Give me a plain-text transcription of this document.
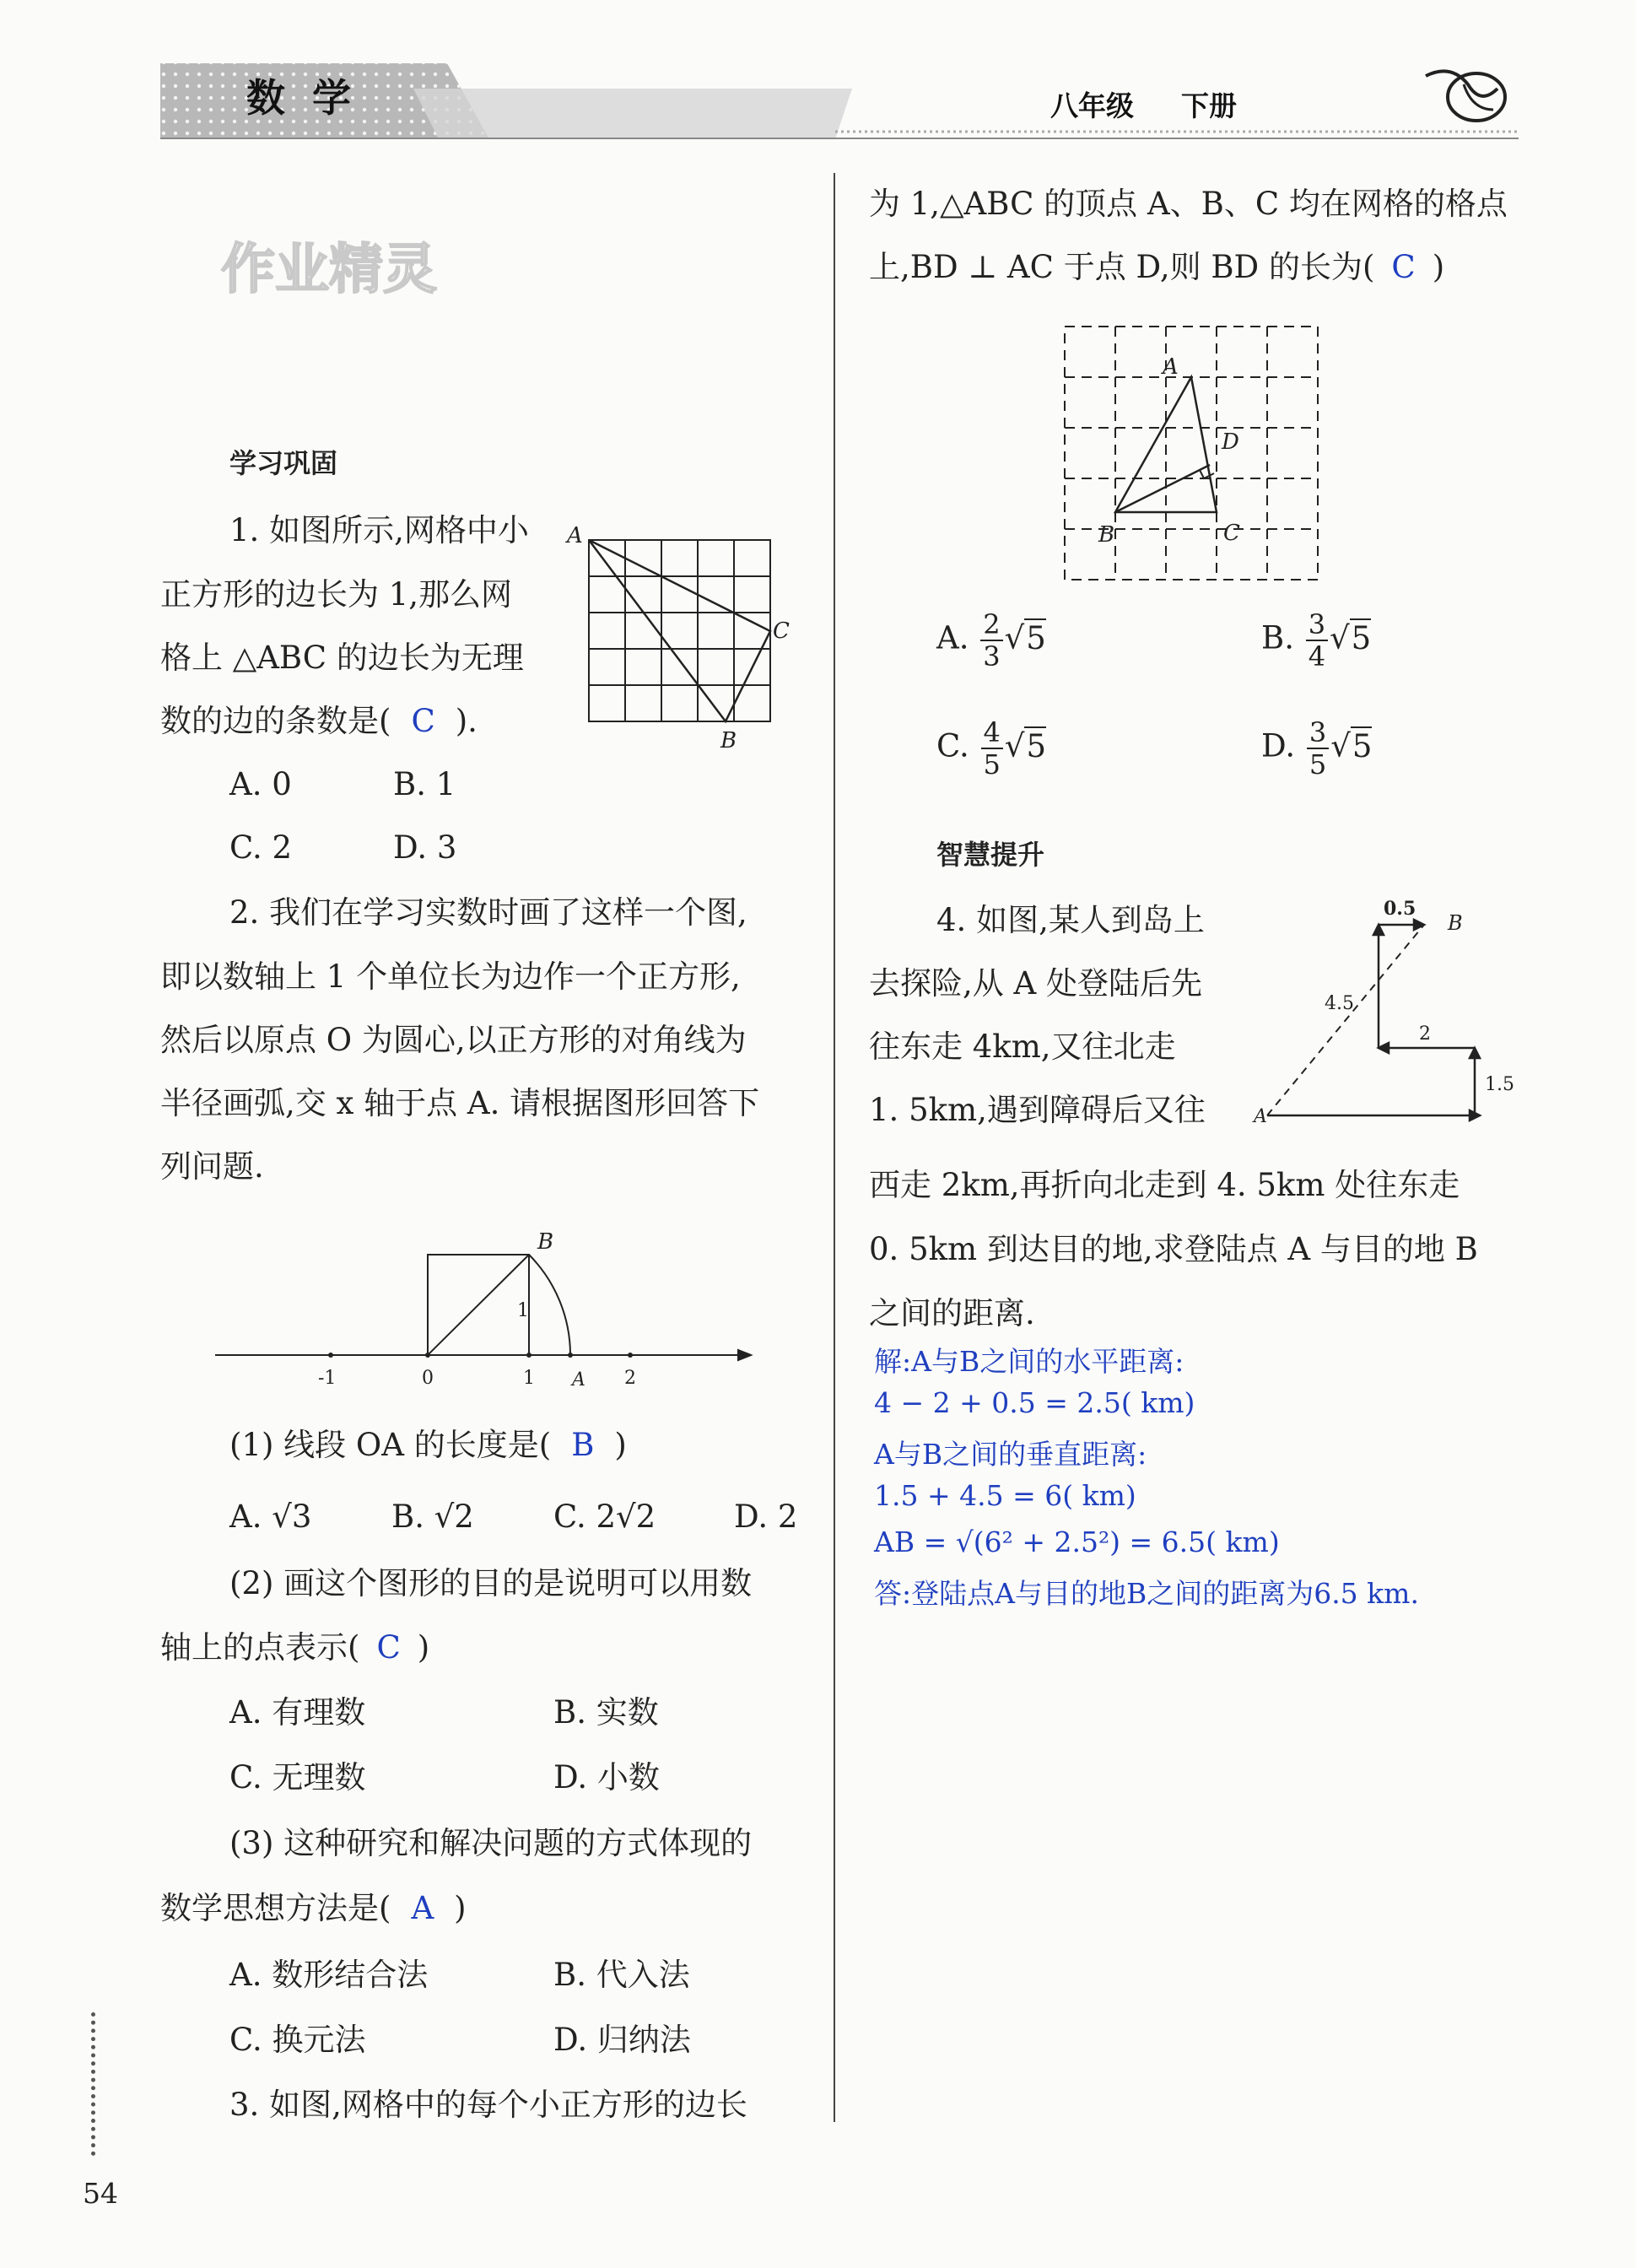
数  学	八年级 下册
作业精灵
54
学习巩固
1. 如图所示,网格中小
正方形的边长为 1,那么网
格上 △ABC 的边长为无理
数的边的条数是( C ).
A
C
B
A. 0	B. 1
C. 2	D. 3
2. 我们在学习实数时画了这样一个图,
即以数轴上 1 个单位长为边作一个正方形,
然后以原点 O 为圆心,以正方形的对角线为
半径画弧,交 x 轴于点 A. 请根据图形回答下
列问题.
B
1
-1	0	1 A 2
(1) 线段 OA 的长度是( B )
A. √3	B. √2	C. 2√2	D. 2
(2) 画这个图形的目的是说明可以用数
轴上的点表示( C )
A. 有理数	B. 实数
C. 无理数	D. 小数
(3) 这种研究和解决问题的方式体现的
数学思想方法是( A )
A. 数形结合法	B. 代入法
C. 换元法	D. 归纳法
3. 如图,网格中的每个小正方形的边长
为 1,△ABC 的顶点 A、B、C 均在网格的格点
上,BD ⊥ AC 于点 D,则 BD 的长为( C )
A
D
B	C
A. $\frac{2}{3} √5$	B. $\frac{3}{4} √5$
C. $\frac{4}{5} √5$	D. $\frac{3}{5} √5$
智慧提升
4. 如图,某人到岛上
去探险,从 A 处登陆后先
往东走 4km,又往北走
1. 5km,遇到障碍后又往
西走 2km,再折向北走到 4. 5km 处往东走
0. 5km 到达目的地,求登陆点 A 与目的地 B
之间的距离.
0.5
B
4.5
2
1.5
A
解:A与B之间的水平距离:
4 − 2 + 0.5 = 2.5( km)
A与B之间的垂直距离:
1.5 + 4.5 = 6( km)
AB = √(6² + 2.5²) = 6.5( km)
答:登陆点A与目的地B之间的距离为6.5 km.
